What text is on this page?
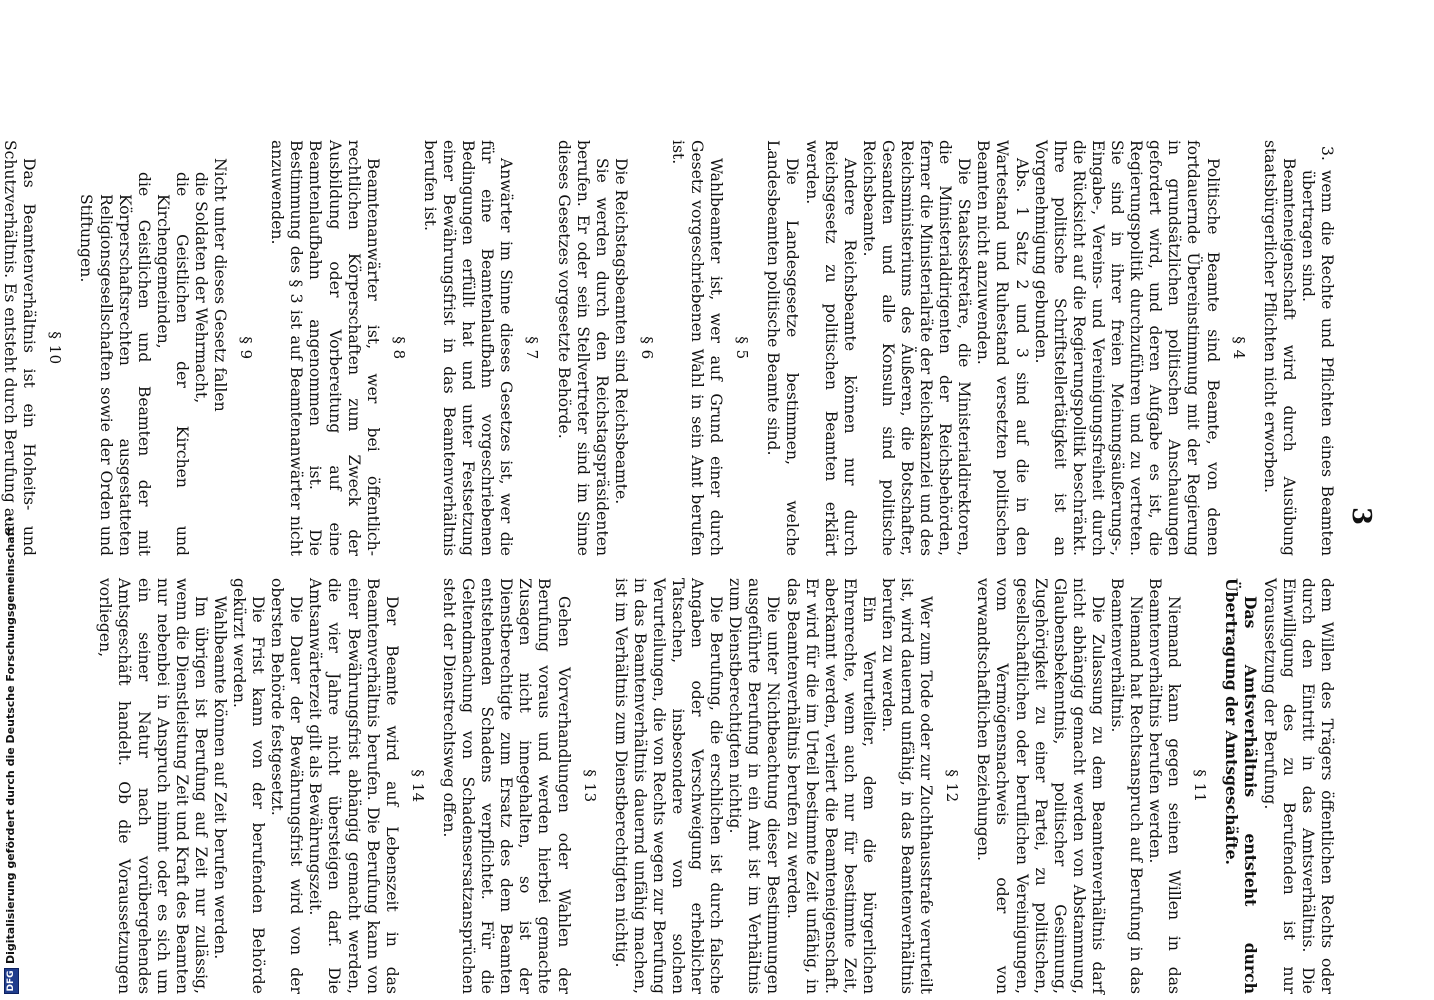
3

3.wenn die Rechte und Pflichten eines Beamten übertragen sind.

Beamteneigenschaft wird durch Ausübung staatsbürgerlicher Pflichten nicht erworben.

§ 4

Politische Beamte sind Beamte, von denen fortdauernde Übereinstimmung mit der Regierung in grundsätzlichen politischen Anschauungen gefordert wird, und deren Aufgabe es ist, die Regierungspolitik durchzuführen und zu vertreten. Sie sind in ihrer freien Meinungsäußerungs-, Eingabe-, Vereins- und Vereinigungsfreiheit durch die Rücksicht auf die Regierungspolitik beschränkt. Ihre politische Schriftstellertätigkeit ist an Vorgenehmigung gebunden.

Abs. 1 Satz 2 und 3 sind auf die in den Wartestand und Ruhestand versetzten politischen Beamten nicht anzuwenden.

Die Staatssekretäre, die Ministerialdirektoren, die Ministerialdirigenten der Reichsbehörden, ferner die Ministerialräte der Reichskanzlei und des Reichsministeriums des Äußeren, die Botschafter, Gesandten und alle Konsuln sind politische Reichsbeamte.

Andere Reichsbeamte können nur durch Reichsgesetz zu politischen Beamten erklärt werden.

Die Landesgesetze bestimmen, welche Landesbeamten politische Beamte sind.

§ 5

Wahlbeamter ist, wer auf Grund einer durch Gesetz vorgeschriebenen Wahl in sein Amt berufen ist.

§ 6

Die Reichstagsbeamten sind Reichsbeamte.

Sie werden durch den Reichstagspräsidenten berufen. Er oder sein Stellvertreter sind im Sinne dieses Gesetzes vorgesetzte Behörde.

§ 7

Anwärter im Sinne dieses Gesetzes ist, wer die für eine Beamtenlaufbahn vorgeschriebenen Bedingungen erfüllt hat und unter Festsetzung einer Bewährungsfrist in das Beamtenverhältnis berufen ist.

§ 8

Beamtenanwärter ist, wer bei öffentlich-rechtlichen Körperschaften zum Zweck der Ausbildung oder Vorbereitung auf eine Beamtenlaufbahn angenommen ist. Die Bestimmung des § 3 ist auf Beamtenanwärter nicht anzuwenden.

§ 9

Nicht unter dieses Gesetz fallen

die Soldaten der Wehrmacht,

die Geistlichen der Kirchen und Kirchengemeinden,

die Geistlichen und Beamten der mit Körperschaftsrechten ausgestatteten Religionsgesellschaften sowie der Orden und Stiftungen.

§ 10

Das Beamtenverhältnis ist ein Hoheits- und Schutzverhältnis. Es entsteht durch Berufung aus

dem Willen des Trägers öffentlichen Rechts oder durch den Eintritt in das Amtsverhältnis. Die Einwilligung des zu Berufenden ist nur Voraussetzung der Berufung.

Das Amtsverhältnis entsteht durch Übertragung der Amtsgeschäfte.

§ 11

Niemand kann gegen seinen Willen in das Beamtenverhältnis berufen werden.

Niemand hat Rechtsanspruch auf Berufung in das Beamtenverhältnis.

Die Zulassung zu dem Beamtenverhältnis darf nicht abhängig gemacht werden von Abstammung, Glaubensbekenntnis, politischer Gesinnung, Zugehörigkeit zu einer Partei, zu politischen, gesellschaftlichen oder beruflichen Vereinigungen, vom Vermögensnachweis oder von verwandtschaftlichen Beziehungen.

§ 12

Wer zum Tode oder zur Zuchthausstrafe verurteilt ist, wird dauernd unfähig, in das Beamtenverhältnis berufen zu werden.

Ein Verurteilter, dem die bürgerlichen Ehrenrechte, wenn auch nur für bestimmte Zeit, aberkannt werden, verliert die Beamteneigenschaft. Er wird für die im Urteil bestimmte Zeit unfähig, in das Beamtenverhältnis berufen zu werden.

Die unter Nichtbeachtung dieser Bestimmungen ausgeführte Berufung in ein Amt ist im Verhältnis zum Dienstberechtigten nichtig.

Die Berufung, die erschlichen ist durch falsche Angaben oder Verschweigung erheblicher Tatsachen, insbesondere von solchen Verurteilungen, die von Rechts wegen zur Berufung in das Beamtenverhältnis dauernd unfähig machen, ist im Verhältnis zum Dienstberechtigten nichtig.

§ 13

Gehen Vorverhandlungen oder Wahlen der Berufung voraus und werden hierbei gemachte Zusagen nicht innegehalten, so ist der Dienstberechtigte zum Ersatz des dem Beamten entstehenden Schadens verpflichtet. Für die Geltendmachung von Schadensersatzansprüchen steht der Dienstrechtsweg offen.

§ 14

Der Beamte wird auf Lebenszeit in das Beamtenverhältnis berufen. Die Berufung kann von einer Bewährungsfrist abhängig gemacht werden, die vier Jahre nicht übersteigen darf. Die Amtsanwärterzeit gilt als Bewährungszeit.

Die Dauer der Bewährungsfrist wird von der obersten Behörde festgesetzt.

Die Frist kann von der berufenden Behörde gekürzt werden.

Wahlbeamte können auf Zeit berufen werden.

Im übrigen ist Berufung auf Zeit nur zulässig, wenn die Dienstleistung Zeit und Kraft des Beamten nur nebenbei in Anspruch nimmt oder es sich um ein seiner Natur nach vorübergehendes Amtsgeschäft handelt. Ob die Voraussetzungen vorliegen,

DFG
Digitalisierung gefördert durch die Deutsche Forschungsgemeinschaft •
